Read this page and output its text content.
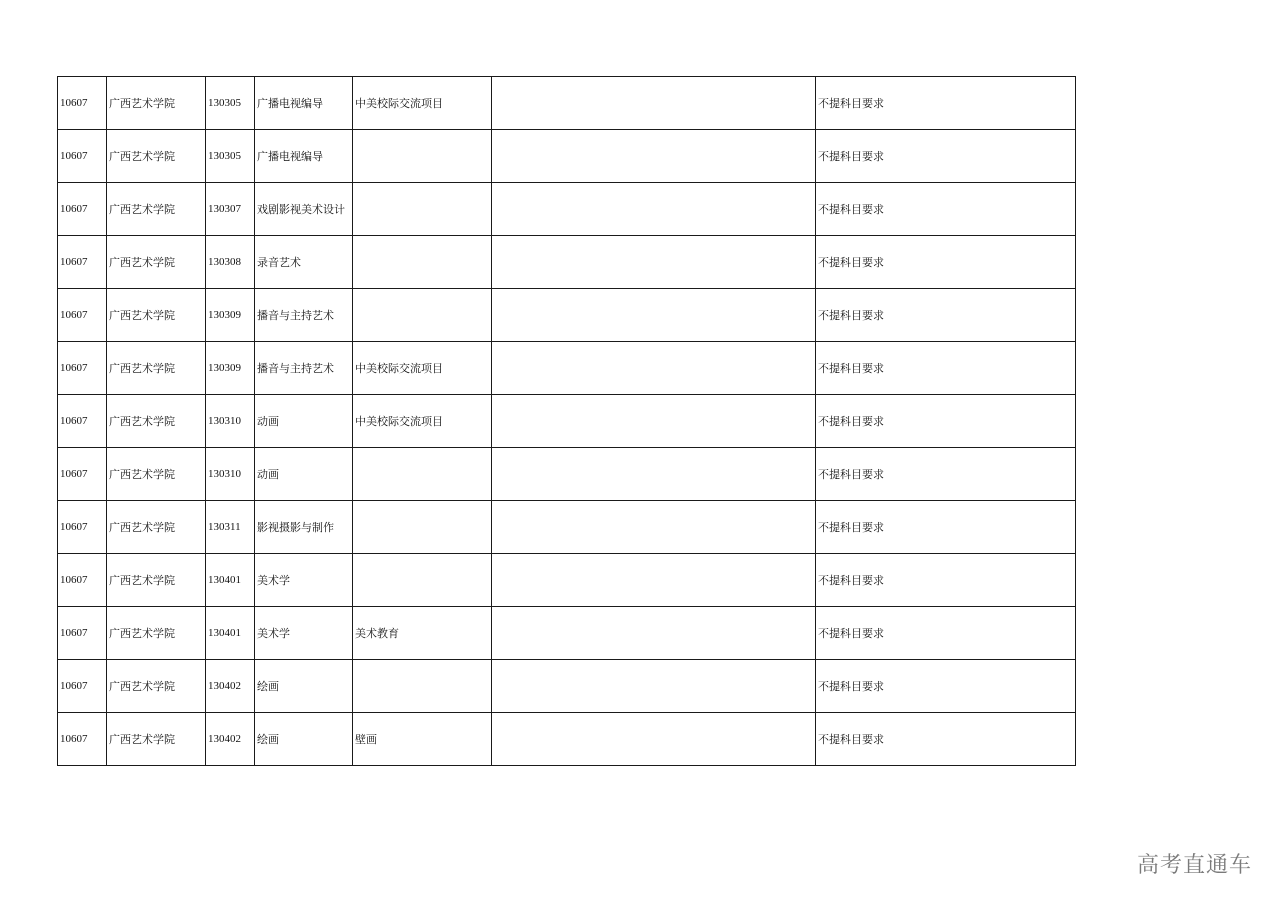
10607	广西艺术学院	130305	广播电视编导	中美校际交流项目		不提科目要求
10607	广西艺术学院	130305	广播电视编导			不提科目要求
10607	广西艺术学院	130307	戏剧影视美术设计			不提科目要求
10607	广西艺术学院	130308	录音艺术			不提科目要求
10607	广西艺术学院	130309	播音与主持艺术			不提科目要求
10607	广西艺术学院	130309	播音与主持艺术	中美校际交流项目		不提科目要求
10607	广西艺术学院	130310	动画	中美校际交流项目		不提科目要求
10607	广西艺术学院	130310	动画			不提科目要求
10607	广西艺术学院	130311	影视摄影与制作			不提科目要求
10607	广西艺术学院	130401	美术学			不提科目要求
10607	广西艺术学院	130401	美术学	美术教育		不提科目要求
10607	广西艺术学院	130402	绘画			不提科目要求
10607	广西艺术学院	130402	绘画	壁画		不提科目要求
高考直通车
